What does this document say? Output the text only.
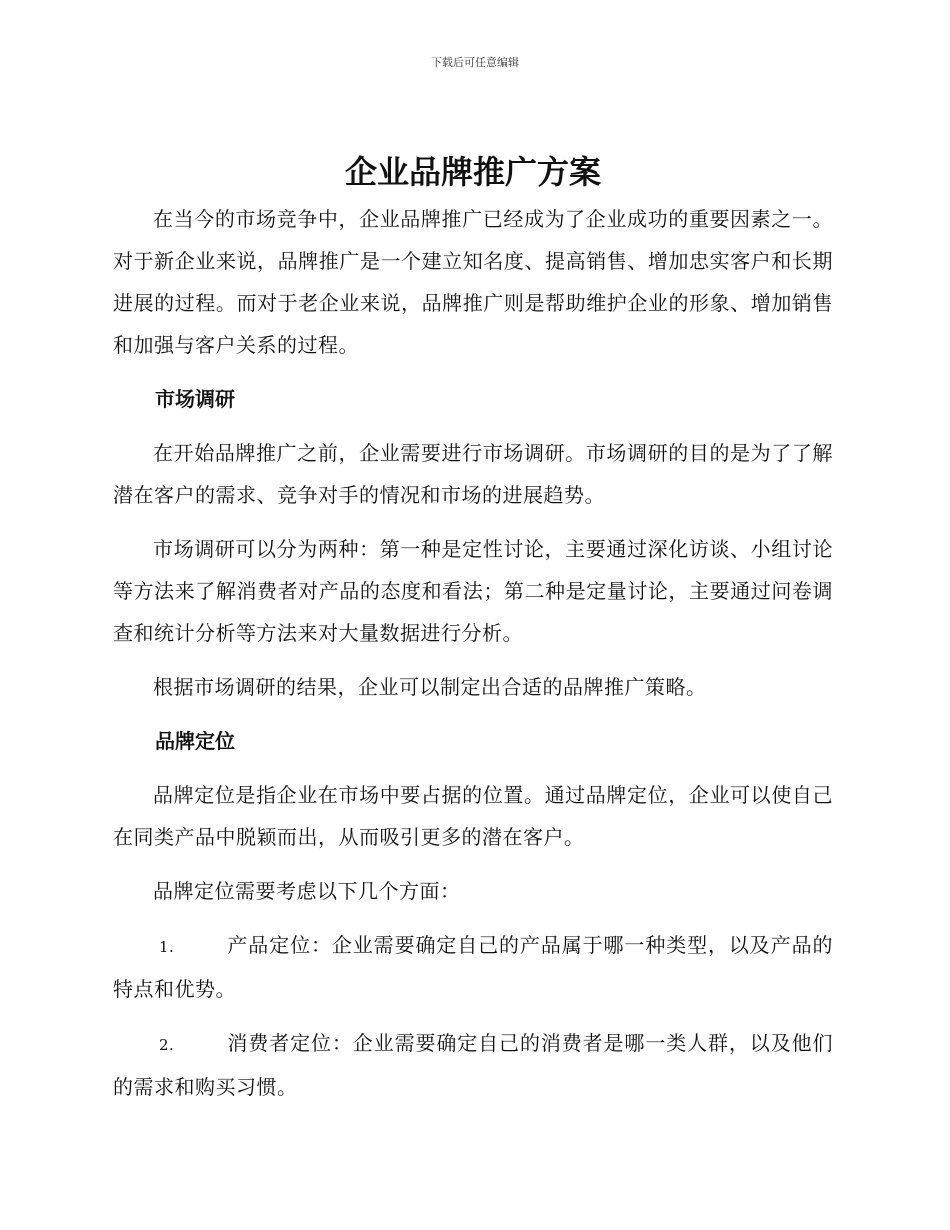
下载后可任意编辑
企业品牌推广方案

在当今的市场竞争中，企业品牌推广已经成为了企业成功的重要因素之一。对于新企业来说，品牌推广是一个建立知名度、提高销售、增加忠实客户和长期进展的过程。而对于老企业来说，品牌推广则是帮助维护企业的形象、增加销售和加强与客户关系的过程。

市场调研

在开始品牌推广之前，企业需要进行市场调研。市场调研的目的是为了了解潜在客户的需求、竞争对手的情况和市场的进展趋势。

市场调研可以分为两种：第一种是定性讨论，主要通过深化访谈、小组讨论等方法来了解消费者对产品的态度和看法；第二种是定量讨论，主要通过问卷调查和统计分析等方法来对大量数据进行分析。

根据市场调研的结果，企业可以制定出合适的品牌推广策略。

品牌定位

品牌定位是指企业在市场中要占据的位置。通过品牌定位，企业可以使自己在同类产品中脱颖而出，从而吸引更多的潜在客户。

品牌定位需要考虑以下几个方面：

1.	产品定位：企业需要确定自己的产品属于哪一种类型，以及产品的特点和优势。

2.	消费者定位：企业需要确定自己的消费者是哪一类人群，以及他们的需求和购买习惯。
